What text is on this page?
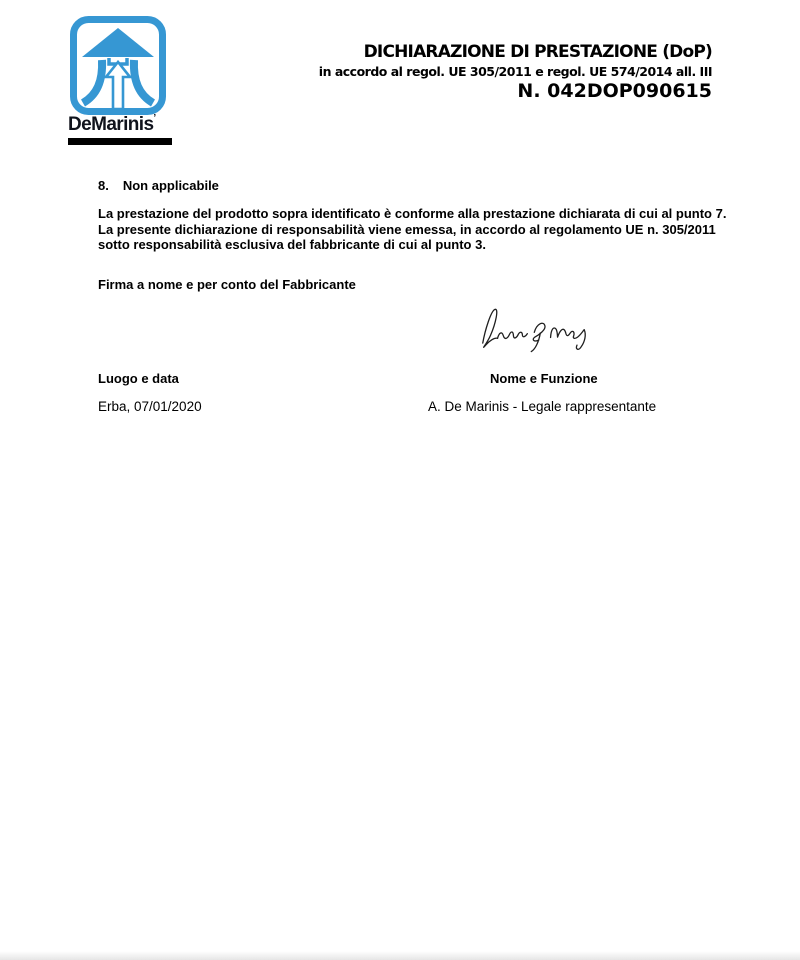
DeMarinis’
DICHIARAZIONE DI PRESTAZIONE (DoP)
in accordo al regol. UE 305/2011 e regol. UE 574/2014 all. III
N. 042DOP090615
8. Non applicabile
La prestazione del prodotto sopra identificato è conforme alla prestazione dichiarata di cui al punto 7.
La presente dichiarazione di responsabilità viene emessa, in accordo al regolamento UE n. 305/2011
sotto responsabilità esclusiva del fabbricante di cui al punto 3.
Firma a nome e per conto del Fabbricante
Luogo e data	Nome e Funzione
Erba, 07/01/2020	A. De Marinis - Legale rappresentante
